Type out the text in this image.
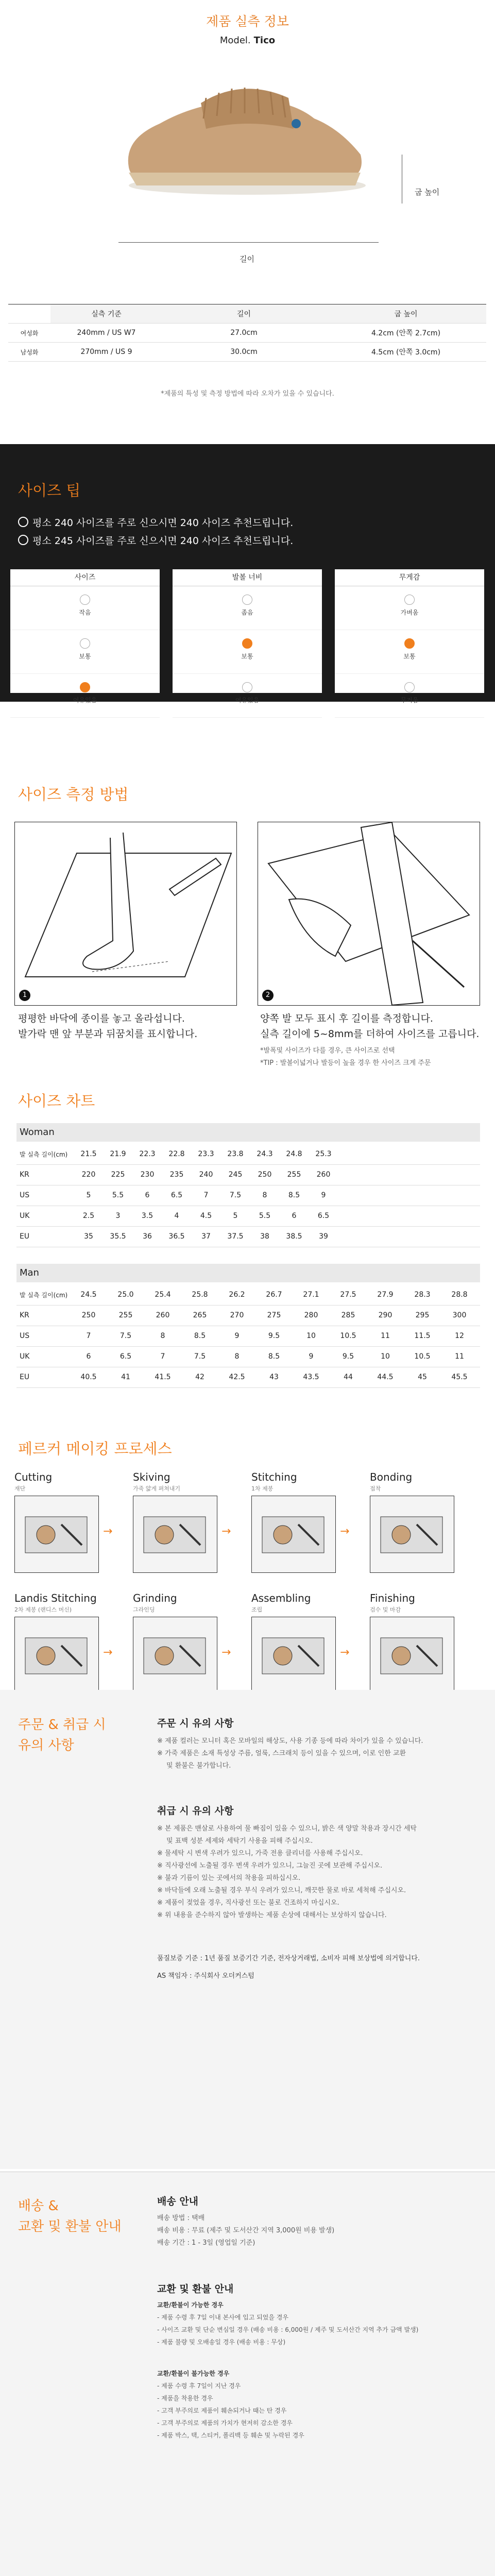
제품 실측 정보
Model. Tico
굽 높이
길이
	실측 기준	길이	굽 높이
여성화	240mm / US W7	27.0cm	4.2cm (안쪽 2.7cm)
남성화	270mm / US 9	30.0cm	4.5cm (안쪽 3.0cm)
*제품의 특성 및 측정 방법에 따라 오차가 있을 수 있습니다.
사이즈 팁
평소 240 사이즈를 주로 신으시면 240 사이즈 추천드립니다.
평소 245 사이즈를 주로 신으시면 240 사이즈 추천드립니다.
사이즈
작음
보통
여유있음
발볼 너비
좁음
보통
여유있음
무게감
가벼움
보통
무거움
사이즈 측정 방법
1	2
평평한 바닥에 종이를 놓고 올라섭니다.
발가락 맨 앞 부분과 뒤꿈치를 표시합니다.
양쪽 발 모두 표시 후 길이를 측정합니다.
실측 길이에 5~8mm를 더하여 사이즈를 고릅니다.
*발폭및 사이즈가 다를 경우, 큰 사이즈로 선택
*TIP : 발볼이넓거나 발등이 높을 경우 한 사이즈 크게 주문
사이즈 차트
Woman
발 실측 길이(cm)	21.5	21.9	22.3	22.8	23.3	23.8	24.3	24.8	25.3
KR	220	225	230	235	240	245	250	255	260
US	5	5.5	6	6.5	7	7.5	8	8.5	9
UK	2.5	3	3.5	4	4.5	5	5.5	6	6.5
EU	35	35.5	36	36.5	37	37.5	38	38.5	39
Man
발 실측 길이(cm)	24.5	25.0	25.4	25.8	26.2	26.7	27.1	27.5	27.9	28.3	28.8
KR	250	255	260	265	270	275	280	285	290	295	300
US	7	7.5	8	8.5	9	9.5	10	10.5	11	11.5	12
UK	6	6.5	7	7.5	8	8.5	9	9.5	10	10.5	11
EU	40.5	41	41.5	42	42.5	43	43.5	44	44.5	45	45.5
페르커 메이킹 프로세스
Cutting
재단
→
Skiving
가죽 얇게 펴쳐내기
→
Stitching
1차 제봉
→
Bonding
접착
Landis Stitching
2차 제봉 (랜디스 머신)
→
Grinding
그라인딩
→
Assembling
조립
→
Finishing
검수 및 마감
주문 & 취급 시
유의 사항
주문 시 유의 사항
※ 제품 컬러는 모니터 혹은 모바일의 해상도, 사용 기종 등에 따라 차이가 있을 수 있습니다.
※ 가죽 제품은 소재 특성상 주름, 얼룩, 스크래치 등이 있을 수 있으며, 이로 인한 교환
및 환불은 불가합니다.
취급 시 유의 사항
※ 본 제품은 맨살로 사용하여 물 빠짐이 있을 수 있으니, 밝은 색 양말 착용과 장시간 세탁
및 표백 성분 세제와 세탁기 사용을 피해 주십시오.
※ 물세탁 시 변색 우려가 있으니, 가죽 전용 클리너를 사용해 주십시오.
※ 직사광선에 노출될 경우 변색 우려가 있으니, 그늘진 곳에 보관해 주십시오.
※ 불과 기름이 있는 곳에서의 착용을 피하십시오.
※ 바닥들에 오래 노출될 경우 부식 우려가 있으니, 깨끗한 물로 바로 세척해 주십시오.
※ 제품이 젖었을 경우, 직사광선 또는 불로 건조하지 마십시오.
※ 위 내용을 준수하지 않아 발생하는 제품 손상에 대해서는 보상하지 않습니다.
품질보증 기준 : 1년 품질 보증기간 기준, 전자상거래법, 소비자 피해 보상법에 의거합니다.
AS 책임자 : 주식회사 오더커스텀
배송 &
교환 및 환불 안내
배송 안내
배송 방법 : 택배
배송 비용 : 무료 (제주 및 도서산간 지역 3,000원 비용 발생)
배송 기간 : 1 - 3일 (영업일 기준)
교환 및 환불 안내
교환/환불이 가능한 경우
- 제품 수령 후 7일 이내 본사에 입고 되었을 경우
- 사이즈 교환 및 단순 변심일 경우 (배송 비용 : 6,000원 / 제주 및 도서산간 지역 추가 금액 발생)
- 제품 불량 및 오배송일 경우 (배송 비용 : 무상)
교환/환불이 불가능한 경우
- 제품 수령 후 7일이 지난 경우
- 제품을 착용한 경우
- 고객 부주의로 제품이 훼손되거나 때는 탄 경우
- 고객 부주의로 제품의 가치가 현저히 감소한 경우
- 제품 박스, 택, 스티커, 폴리백 등 훼손 및 누락된 경우
